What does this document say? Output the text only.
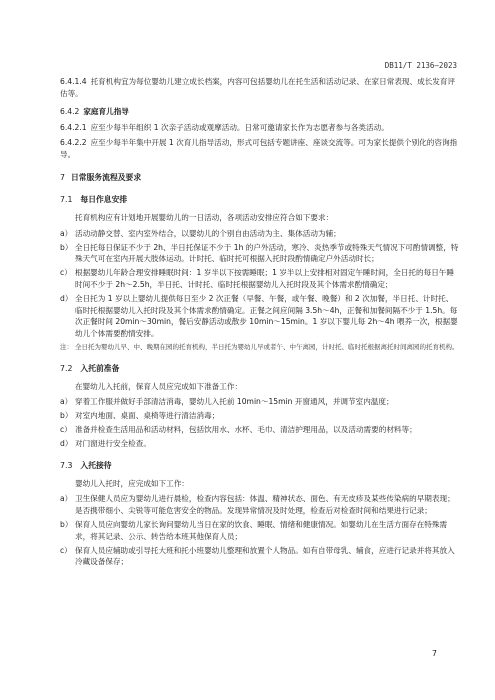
DB11/T 2136—2023

6.4.1.4 托育机构宜为每位婴幼儿建立成长档案，内容可包括婴幼儿在托生活和活动记录、在家日常表现、成长发育评估等。

6.4.2 家庭育儿指导

6.4.2.1 应至少每半年组织 1 次亲子活动或观摩活动。日常可邀请家长作为志愿者参与各类活动。

6.4.2.2 应至少每半年集中开展 1 次育儿指导活动，形式可包括专题讲座、座谈交流等。可为家长提供个别化的咨询指导。

7 日常服务流程及要求
7.1 每日作息安排

托育机构应有计划地开展婴幼儿的一日活动，各项活动安排应符合如下要求：

a） 活动动静交替、室内室外结合，以婴幼儿的个别自由活动为主、集体活动为辅；
b） 全日托每日保证不少于 2h、半日托保证不少于 1h 的户外活动，寒冷、炎热季节或特殊天气情况下可酌情调整，特殊天气可在室内开展大肢体运动。计时托、临时托可根据入托时段酌情确定户外活动时长；
c） 根据婴幼儿年龄合理安排睡眠时间：1 岁半以下按需睡眠；1 岁半以上安排相对固定午睡时间，全日托的每日午睡时间不少于 2h～2.5h，半日托、计时托、临时托根据婴幼儿入托时段及其个体需求酌情确定；
d） 全日托为 1 岁以上婴幼儿提供每日至少 2 次正餐（早餐、午餐，或午餐、晚餐）和 2 次加餐，半日托、计时托、临时托根据婴幼儿入托时段及其个体需求酌情确定。正餐之间应间隔 3.5h～4h，正餐和加餐间隔不少于 1.5h。每次正餐时间 20min～30min，餐后安静活动或散步 10min～15min。1 岁以下婴儿每 2h～4h 喂养一次，根据婴幼儿个体需要酌情安排。
注： 全日托为婴幼儿早、中、晚期在园的托育机构，半日托为婴幼儿早或者午、中午离园，计时托、临时托根据离托时间离园的托育机构。
7.2 入托前准备

在婴幼儿入托前，保育人员应完成如下准备工作：

a） 穿着工作服并做好手部清洁消毒，婴幼儿入托前 10min～15min 开窗通风，并调节室内温度；
b） 对室内地面、桌面、桌椅等进行清洁消毒；
c） 准备并检查生活用品和活动材料，包括饮用水、水杯、毛巾、清洁护理用品，以及活动需要的材料等；
d） 对门窗进行安全检查。
7.3 入托接待

婴幼儿入托时，应完成如下工作：

a） 卫生保健人员应为婴幼儿进行晨检，检查内容包括：体温、精神状态、面色、有无皮疹及某些传染病的早期表现；是否携带细小、尖锐等可能危害安全的物品。发现异常情况及时处理，检查后对检查时间和结果进行记录；
b） 保育人员应向婴幼儿家长询问婴幼儿当日在家的饮食、睡眠、情绪和健康情况。如婴幼儿在生活方面存在特殊需求，将其记录、公示、转告给本班其他保育人员；
c） 保育人员应辅助或引导托大班和托小班婴幼儿整理和放置个人物品。如有自带母乳、辅食，应进行记录并将其放入冷藏设备保存；
7
